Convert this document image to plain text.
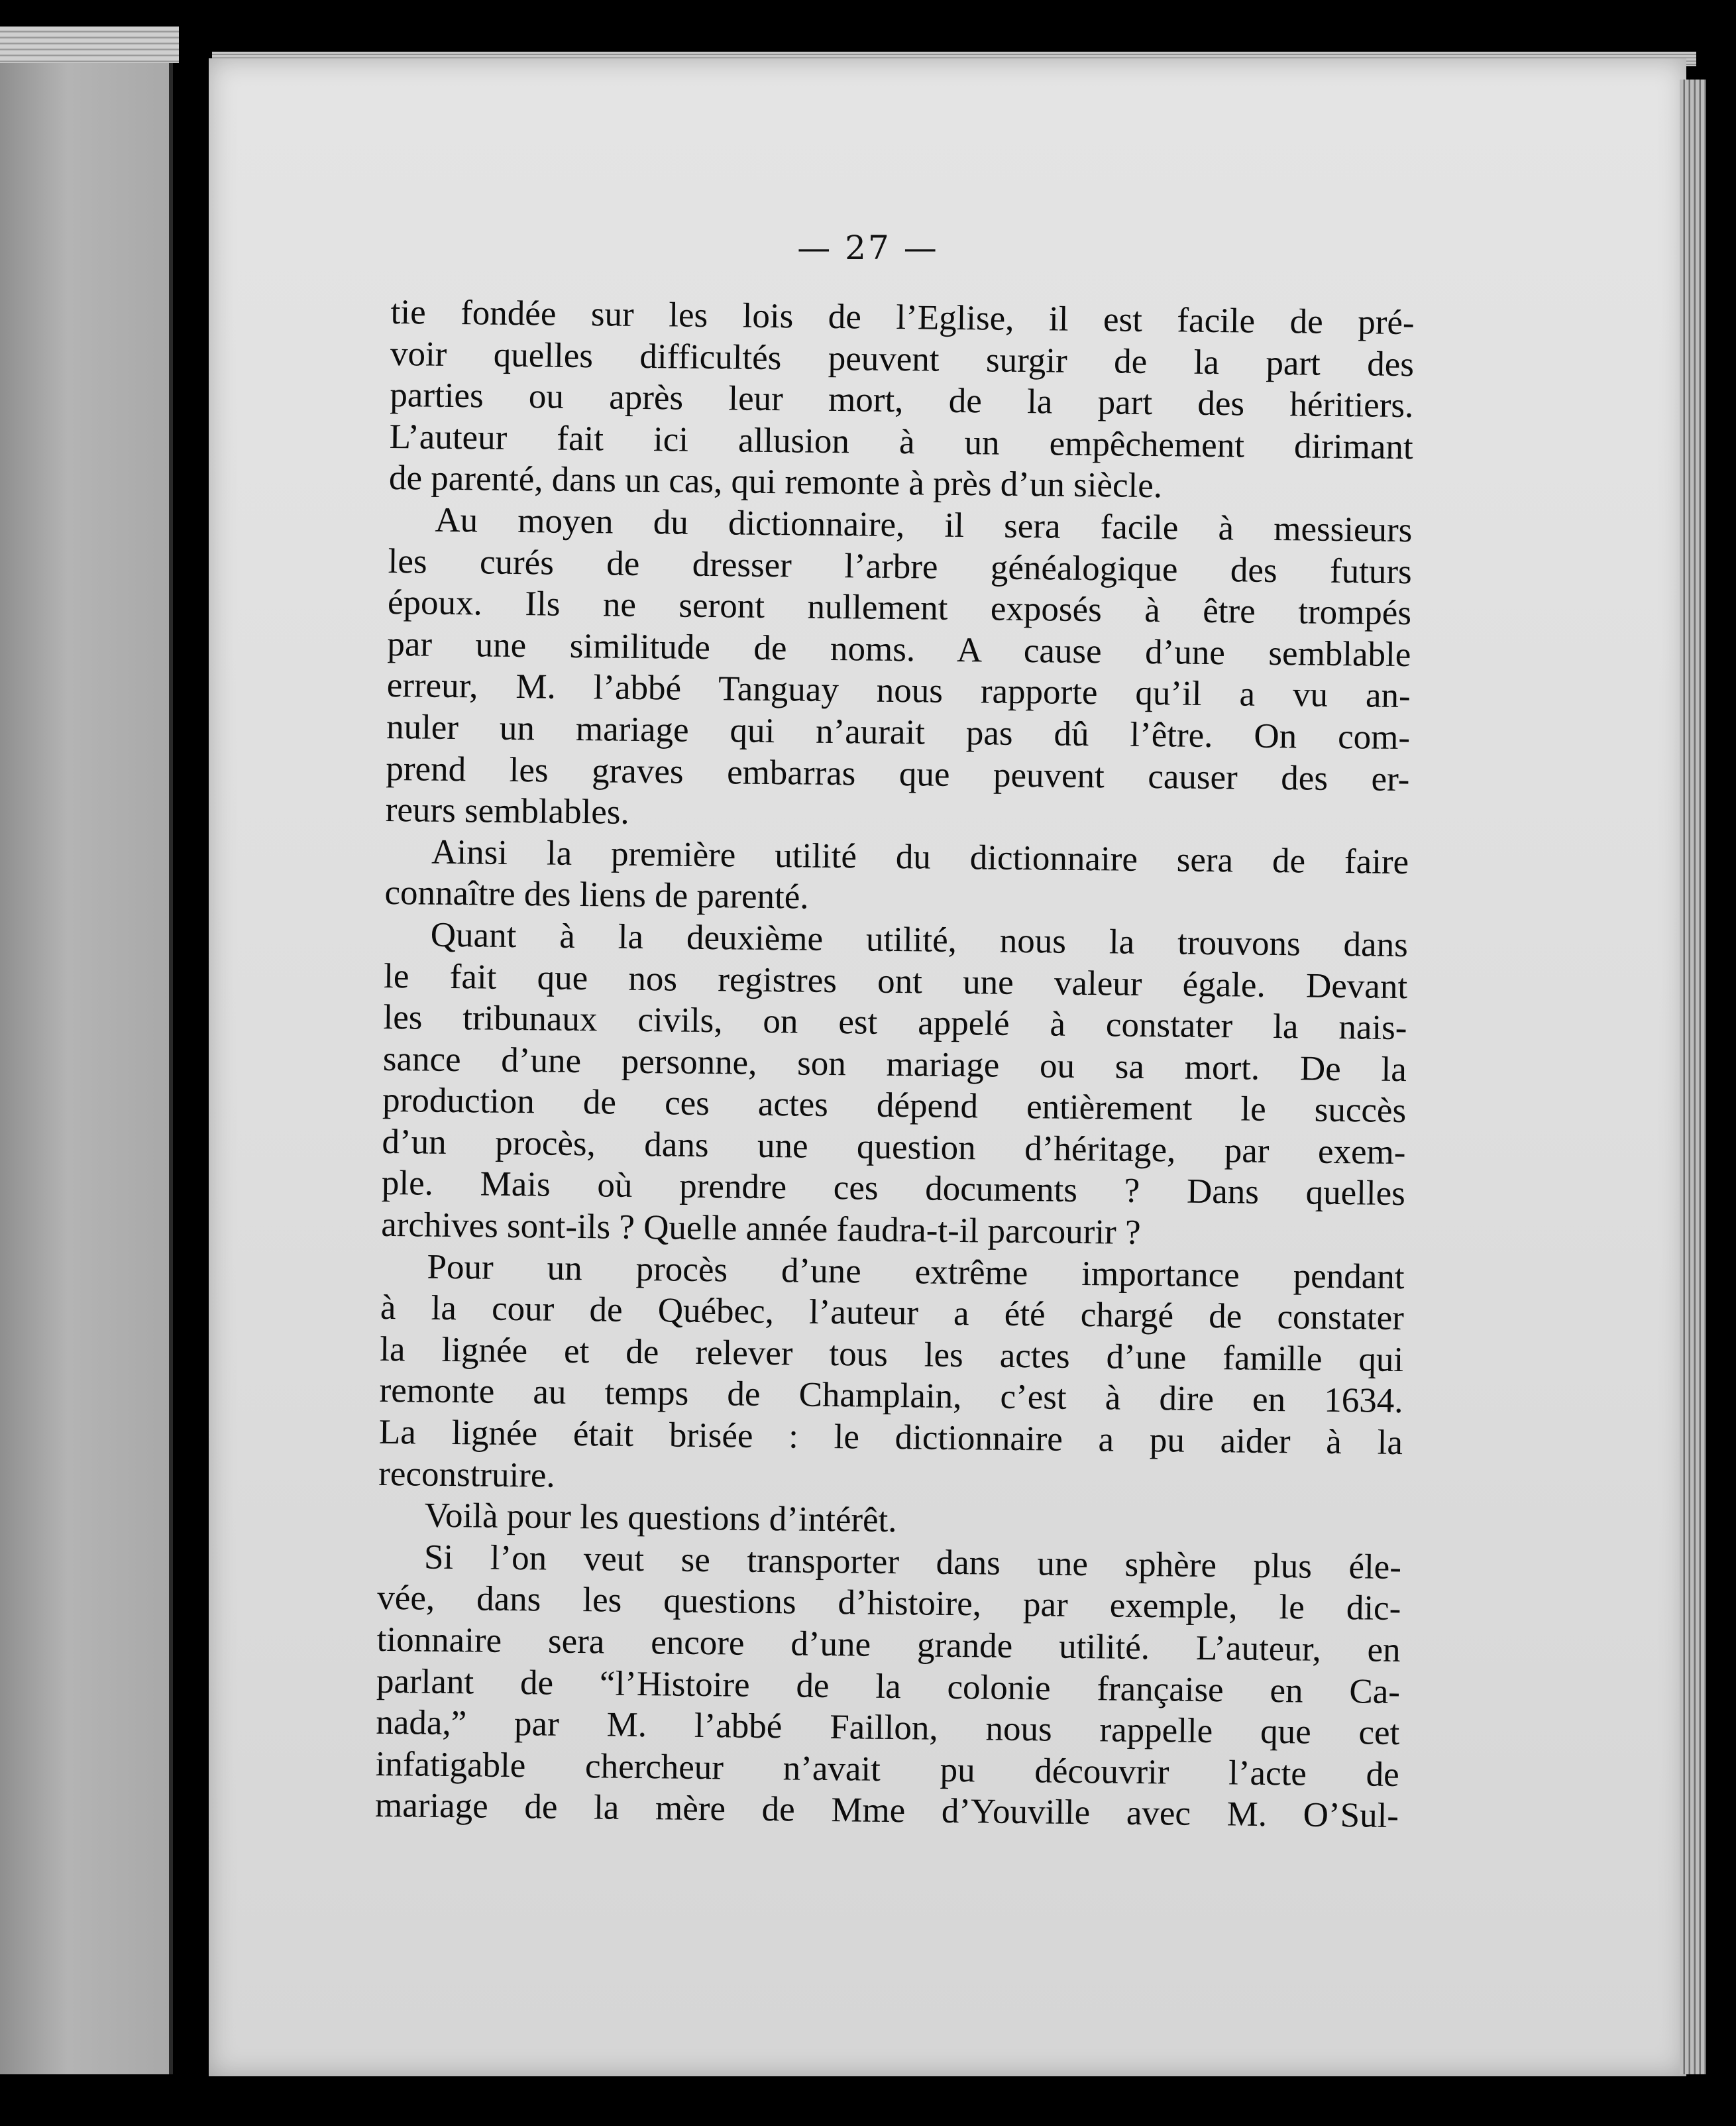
— 27 —
tie fondée sur les lois de l’Eglise, il est facile de pré-
voir quelles difficultés peuvent surgir de la part des
parties ou après leur mort, de la part des héritiers.
L’auteur fait ici allusion à un empêchement dirimant
de parenté, dans un cas, qui remonte à près d’un siècle.
Au moyen du dictionnaire, il sera facile à messieurs
les curés de dresser l’arbre généalogique des futurs
époux. Ils ne seront nullement exposés à être trompés
par une similitude de noms. A cause d’une semblable
erreur, M. l’abbé Tanguay nous rapporte qu’il a vu an-
nuler un mariage qui n’aurait pas dû l’être. On com-
prend les graves embarras que peuvent causer des er-
reurs semblables.
Ainsi la première utilité du dictionnaire sera de faire
connaître des liens de parenté.
Quant à la deuxième utilité, nous la trouvons dans
le fait que nos registres ont une valeur égale. Devant
les tribunaux civils, on est appelé à constater la nais-
sance d’une personne, son mariage ou sa mort. De la
production de ces actes dépend entièrement le succès
d’un procès, dans une question d’héritage, par exem-
ple. Mais où prendre ces documents ? Dans quelles
archives sont-ils ? Quelle année faudra-t-il parcourir ?
Pour un procès d’une extrême importance pendant
à la cour de Québec, l’auteur a été chargé de constater
la lignée et de relever tous les actes d’une famille qui
remonte au temps de Champlain, c’est à dire en 1634.
La lignée était brisée : le dictionnaire a pu aider à la
reconstruire.
Voilà pour les questions d’intérêt.
Si l’on veut se transporter dans une sphère plus éle-
vée, dans les questions d’histoire, par exemple, le dic-
tionnaire sera encore d’une grande utilité. L’auteur, en
parlant de “l’Histoire de la colonie française en Ca-
nada,” par M. l’abbé Faillon, nous rappelle que cet
infatigable chercheur n’avait pu découvrir l’acte de
mariage de la mère de Mme d’Youville avec M. O’Sul-
